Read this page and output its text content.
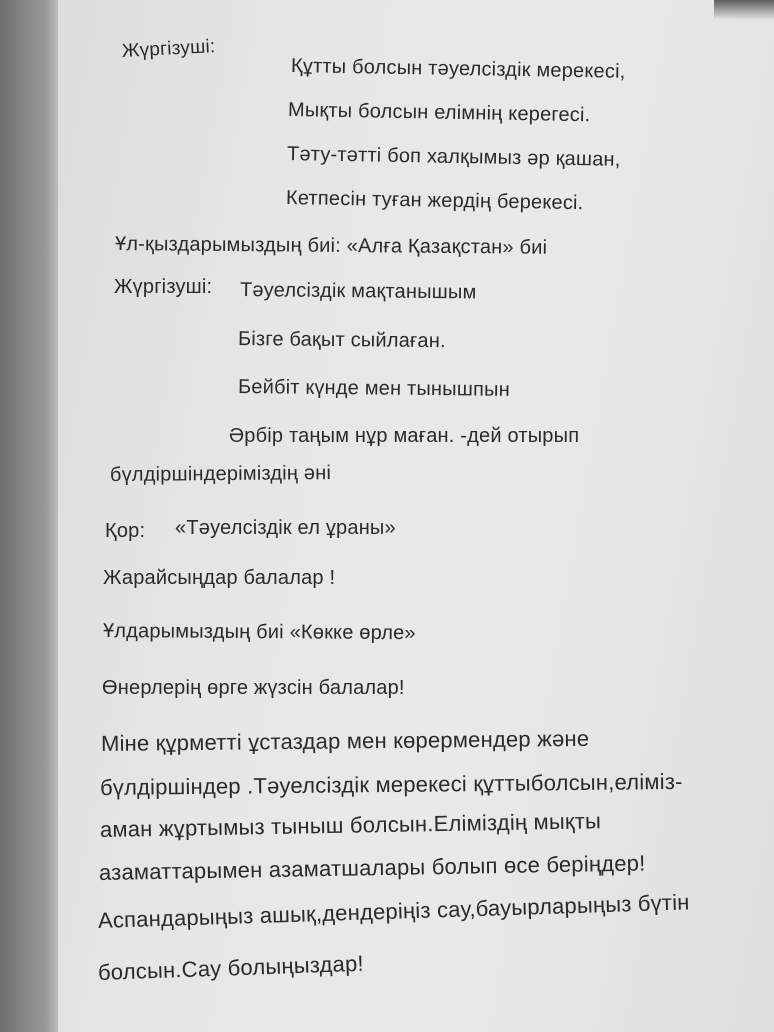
Жүргізуші:
Құтты болсын тәуелсіздік мерекесі,
Мықты болсын елімнің керегесі.
Тәту-тәтті боп халқымыз әр қашан,
Кетпесін туған жердің берекесі.
Ұл-қыздарымыздың биі: «Алға Қазақстан» биі
Жүргізуші: Тәуелсіздік мақтанышым
Бізге бақыт сыйлаған.
Бейбіт күнде мен тынышпын
Әрбір таңым нұр маған. -дей отырып
бүлдіршіндеріміздің әні
Қор: «Тәуелсіздік ел ұраны»
Жарайсыңдар балалар !
Ұлдарымыздың биі «Көкке өрле»
Өнерлерің өрге жүзсін балалар!
Міне құрметті ұстаздар мен көрермендер және
бүлдіршіндер .Тәуелсіздік мерекесі құттыболсын,еліміз-
аман жұртымыз тыныш болсын.Еліміздің мықты
азаматтарымен азаматшалары болып өсе беріңдер!
Аспандарыңыз ашық,дендеріңіз сау,бауырларыңыз бүтін
болсын.Сау болыңыздар!
